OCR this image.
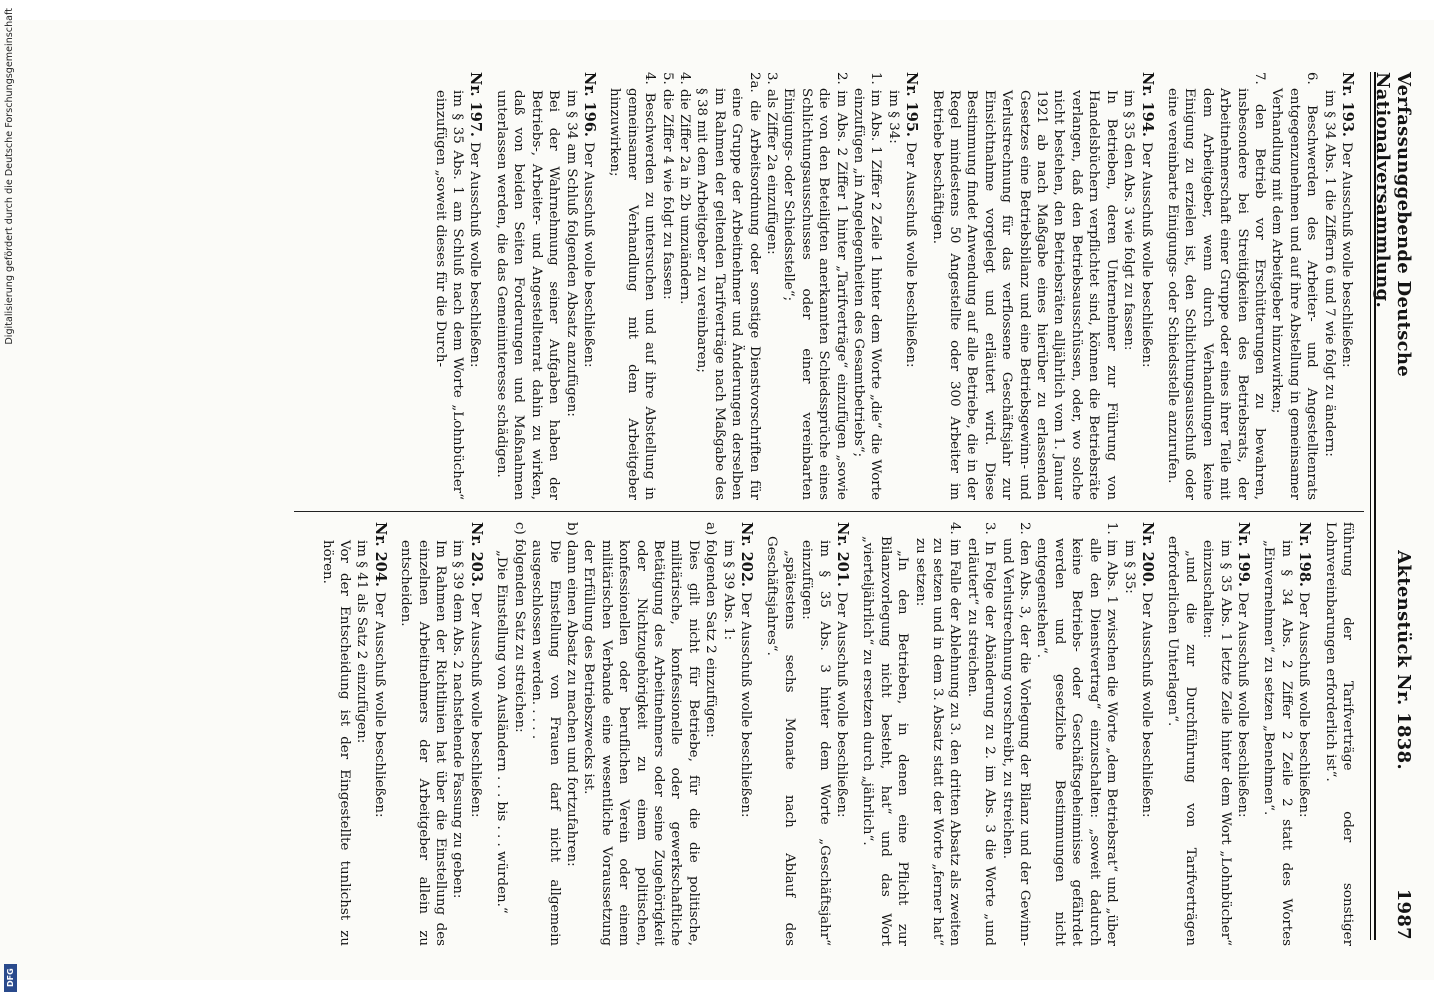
Verfassunggebende Deutsche Nationalversammlung.
Aktenstück Nr. 1838.
1987
Nr. 193.Der Ausschuß wolle beschließen:
im § 34 Abs. 1 die Ziffern 6 und 7 wie folgt zu ändern:
6. Beschwerden des Arbeiter- und Angestelltenrats entgegenzunehmen und auf ihre Abstellung in gemeinsamer Verhandlung mit dem Arbeitgeber hinzuwirken;
7. den Betrieb vor Erschütterungen zu bewahren, insbesondere bei Streitigkeiten des Betriebsrats, der Arbeitnehmerschaft einer Gruppe oder eines ihrer Teile mit dem Arbeitgeber, wenn durch Verhandlungen keine Einigung zu erzielen ist, den Schlichtungsausschuß oder eine vereinbarte Einigungs- oder Schiedsstelle anzurufen.
Nr. 194.Der Ausschuß wolle beschließen:
im § 35 den Abs. 3 wie folgt zu fassen:
In Betrieben, deren Unternehmer zur Führung von Handelsbüchern verpflichtet sind, können die Betriebsräte verlangen, daß den Betriebsausschüssen, oder, wo solche nicht bestehen, den Betriebsräten alljährlich vom 1. Januar 1921 ab nach Maßgabe eines hierüber zu erlassenden Gesetzes eine Betriebsbilanz und eine Betriebsgewinn- und Verlustrechnung für das verflossene Geschäftsjahr zur Einsichtnahme vorgelegt und erläutert wird. Diese Bestimmung findet Anwendung auf alle Betriebe, die in der Regel mindestens 50 Angestellte oder 300 Arbeiter im Betriebe beschäftigen.
Nr. 195.Der Ausschuß wolle beschließen:
im § 34:
1. im Abs. 1 Ziffer 2 Zeile 1 hinter dem Worte „die“ die Worte einzufügen „in Angelegenheiten des Gesamtbetriebs“;
2. im Abs. 2 Ziffer 1 hinter „Tarifverträge“ einzufügen „sowie die von den Beteiligten anerkannten Schiedssprüche eines Schlichtungsausschusses oder einer vereinbarten Einigungs- oder Schiedsstelle“;
3. als Ziffer 2a einzufügen:
2a. die Arbeitsordnung oder sonstige Dienstvorschriften für eine Gruppe der Arbeitnehmer und Änderungen derselben im Rahmen der geltenden Tarifverträge nach Maßgabe des § 38 mit dem Arbeitgeber zu vereinbaren;
4. die Ziffer 2a in 2b umzuändern.
5. die Ziffer 4 wie folgt zu fassen:
4. Beschwerden zu untersuchen und auf ihre Abstellung in gemeinsamer Verhandlung mit dem Arbeitgeber hinzuwirken;
Nr. 196.Der Ausschuß wolle beschließen:
im § 34 am Schluß folgenden Absatz anzufügen:
Bei der Wahrnehmung seiner Aufgaben haben der Betriebs-, Arbeiter- und Angestelltenrat dahin zu wirken, daß von beiden Seiten Forderungen und Maßnahmen unterlassen werden, die das Gemeininteresse schädigen.
Nr. 197.Der Ausschuß wolle beschließen:
im § 35 Abs. 1 am Schluß nach dem Worte „Lohnbücher“ einzufügen „soweit dieses für die Durch-
führung der Tarifverträge oder sonstiger Lohnvereinbarungen erforderlich ist“.
Nr. 198.Der Ausschuß wolle beschließen:
im § 34 Abs. 2 Ziffer 2 Zeile 2 statt des Wortes „Einvernehmen“ zu setzen „Benehmen“.
Nr. 199.Der Ausschuß wolle beschließen:
im § 35 Abs. 1 letzte Zeile hinter dem Wort „Lohnbücher“ einzuschalten:
„und die zur Durchführung von Tarifverträgen erforderlichen Unterlagen“.
Nr. 200.Der Ausschuß wolle beschließen:
im § 35:
1. im Abs. 1 zwischen die Worte „dem Betriebsrat“ und „über alle den Dienstvertrag“ einzuschalten: „soweit dadurch keine Betriebs- oder Geschäftsgeheimnisse gefährdet werden und gesetzliche Bestimmungen nicht entgegenstehen“.
2. den Abs. 3, der die Vorlegung der Bilanz und der Gewinn- und Verlustrechnung vorschreibt, zu streichen.
3. In Folge der Abänderung zu 2. im Abs. 3 die Worte „und erläutert“ zu streichen.
4. im Falle der Ablehnung zu 3. den dritten Absatz als zweiten zu setzen und in dem 3. Absatz statt der Worte „ferner hat“ zu setzen:
„In den Betrieben, in denen eine Pflicht zur Bilanzvorlegung nicht besteht, hat“ und das Wort „vierteljährlich“ zu ersetzen durch „jährlich“.
Nr. 201.Der Ausschuß wolle beschließen:
im § 35 Abs. 3 hinter dem Worte „Geschäftsjahr“ einzufügen:
„spätestens sechs Monate nach Ablauf des Geschäftsjahres“.
Nr. 202.Der Ausschuß wolle beschließen:
im § 39 Abs. 1:
a) folgenden Satz 2 einzufügen:
Dies gilt nicht für Betriebe, für die die politische, militärische, konfessionelle oder gewerkschaftliche Betätigung des Arbeitnehmers oder seine Zugehörigkeit oder Nichtzugehörigkeit zu einem politischen, konfessionellen oder beruflichen Verein oder einem militärischen Verbande eine wesentliche Voraussetzung der Erfüllung des Betriebszwecks ist.
b) dann einen Absatz zu machen und fortzufahren:
Die Einstellung von Frauen darf nicht allgemein ausgeschlossen werden. . . . .
c) folgenden Satz zu streichen:
„Die Einstellung von Ausländern . . . bis . . . würden.“
Nr. 203.Der Ausschuß wolle beschließen:
im § 39 dem Abs. 2 nachstehende Fassung zu geben:
Im Rahmen der Richtlinien hat über die Einstellung des einzelnen Arbeitnehmers der Arbeitgeber allein zu entscheiden.
Nr. 204.Der Ausschuß wolle beschließen:
im § 41 als Satz 2 einzufügen:
Vor der Entscheidung ist der Eingestellte tunlichst zu hören.
Digitalisierung gefördert durch die Deutsche Forschungsgemeinschaft
DFG
